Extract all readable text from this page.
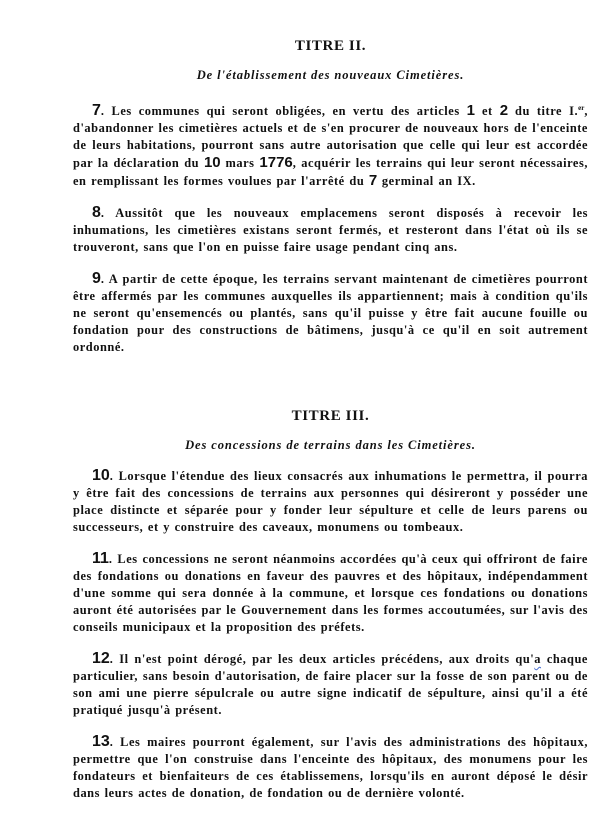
TITRE II.

De l'établissement des nouveaux Cimetières.

7. Les communes qui seront obligées, en vertu des articles 1 et 2 du titre I.$^{er}$, d'abandonner les cimetières actuels et de s'en procurer de nouveaux hors de l'enceinte de leurs habitations, pourront sans autre autorisation que celle qui leur est accordée par la déclaration du 10 mars 1776, acquérir les terrains qui leur seront nécessaires, en remplissant les formes voulues par l'arrêté du 7 germinal an IX.

8. Aussitôt que les nouveaux emplacemens seront disposés à recevoir les inhumations, les cimetières existans seront fermés, et resteront dans l'état où ils se trouveront, sans que l'on en puisse faire usage pendant cinq ans.

9. A partir de cette époque, les terrains servant maintenant de cimetières pourront être affermés par les communes auxquelles ils appartiennent; mais à condition qu'ils ne seront qu'ensemencés ou plantés, sans qu'il puisse y être fait aucune fouille ou fondation pour des constructions de bâtimens, jusqu'à ce qu'il en soit autrement ordonné.

TITRE III.

Des concessions de terrains dans les Cimetières.

10. Lorsque l'étendue des lieux consacrés aux inhumations le permettra, il pourra y être fait des concessions de terrains aux personnes qui désireront y posséder une place distincte et séparée pour y fonder leur sépulture et celle de leurs parens ou successeurs, et y construire des caveaux, monumens ou tombeaux.

11. Les concessions ne seront néanmoins accordées qu'à ceux qui offriront de faire des fondations ou donations en faveur des pauvres et des hôpitaux, indépendamment d'une somme qui sera donnée à la commune, et lorsque ces fondations ou donations auront été autorisées par le Gouvernement dans les formes accoutumées, sur l'avis des conseils municipaux et la proposition des préfets.

12. Il n'est point dérogé, par les deux articles précédens, aux droits qu'a chaque particulier, sans besoin d'autorisation, de faire placer sur la fosse de son parent ou de son ami une pierre sépulcrale ou autre signe indicatif de sépulture, ainsi qu'il a été pratiqué jusqu'à présent.

13. Les maires pourront également, sur l'avis des administrations des hôpitaux, permettre que l'on construise dans l'enceinte des hôpitaux, des monumens pour les fondateurs et bienfaiteurs de ces établissemens, lorsqu'ils en auront déposé le désir dans leurs actes de donation, de fondation ou de dernière volonté.
